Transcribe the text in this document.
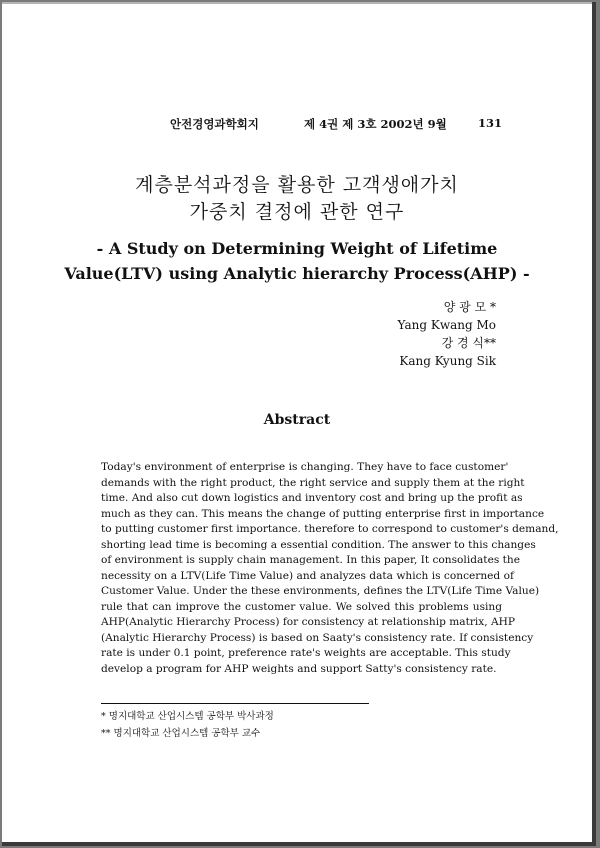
안전경영과학회지	제 4권 제 3호 2002년 9월	131
계층분석과정을 활용한 고객생애가치
가중치 결정에 관한 연구
- A Study on Determining Weight of Lifetime
Value(LTV) using Analytic hierarchy Process(AHP) -
양 광 모 *
Yang Kwang Mo
강 경 식**
Kang Kyung Sik
Abstract
Today's environment of enterprise is changing. They have to face customer'
demands with the right product, the right service and supply them at the right
time. And also cut down logistics and inventory cost and bring up the profit as
much as they can. This means the change of putting enterprise first in importance
to putting customer first importance. therefore to correspond to customer's demand,
shorting lead time is becoming a essential condition. The answer to this changes
of environment is supply chain management. In this paper, It consolidates the
necessity on a LTV(Life Time Value) and analyzes data which is concerned of
Customer Value. Under the these environments, defines the LTV(Life Time Value)
rule that can improve the customer value. We solved this problems using
AHP(Analytic Hierarchy Process) for consistency at relationship matrix, AHP
(Analytic Hierarchy Process) is based on Saaty's consistency rate. If consistency
rate is under 0.1 point, preference rate's weights are acceptable. This study
develop a program for AHP weights and support Satty's consistency rate.
* 명지대학교 산업시스템 공학부 박사과정
** 명지대학교 산업시스템 공학부 교수
